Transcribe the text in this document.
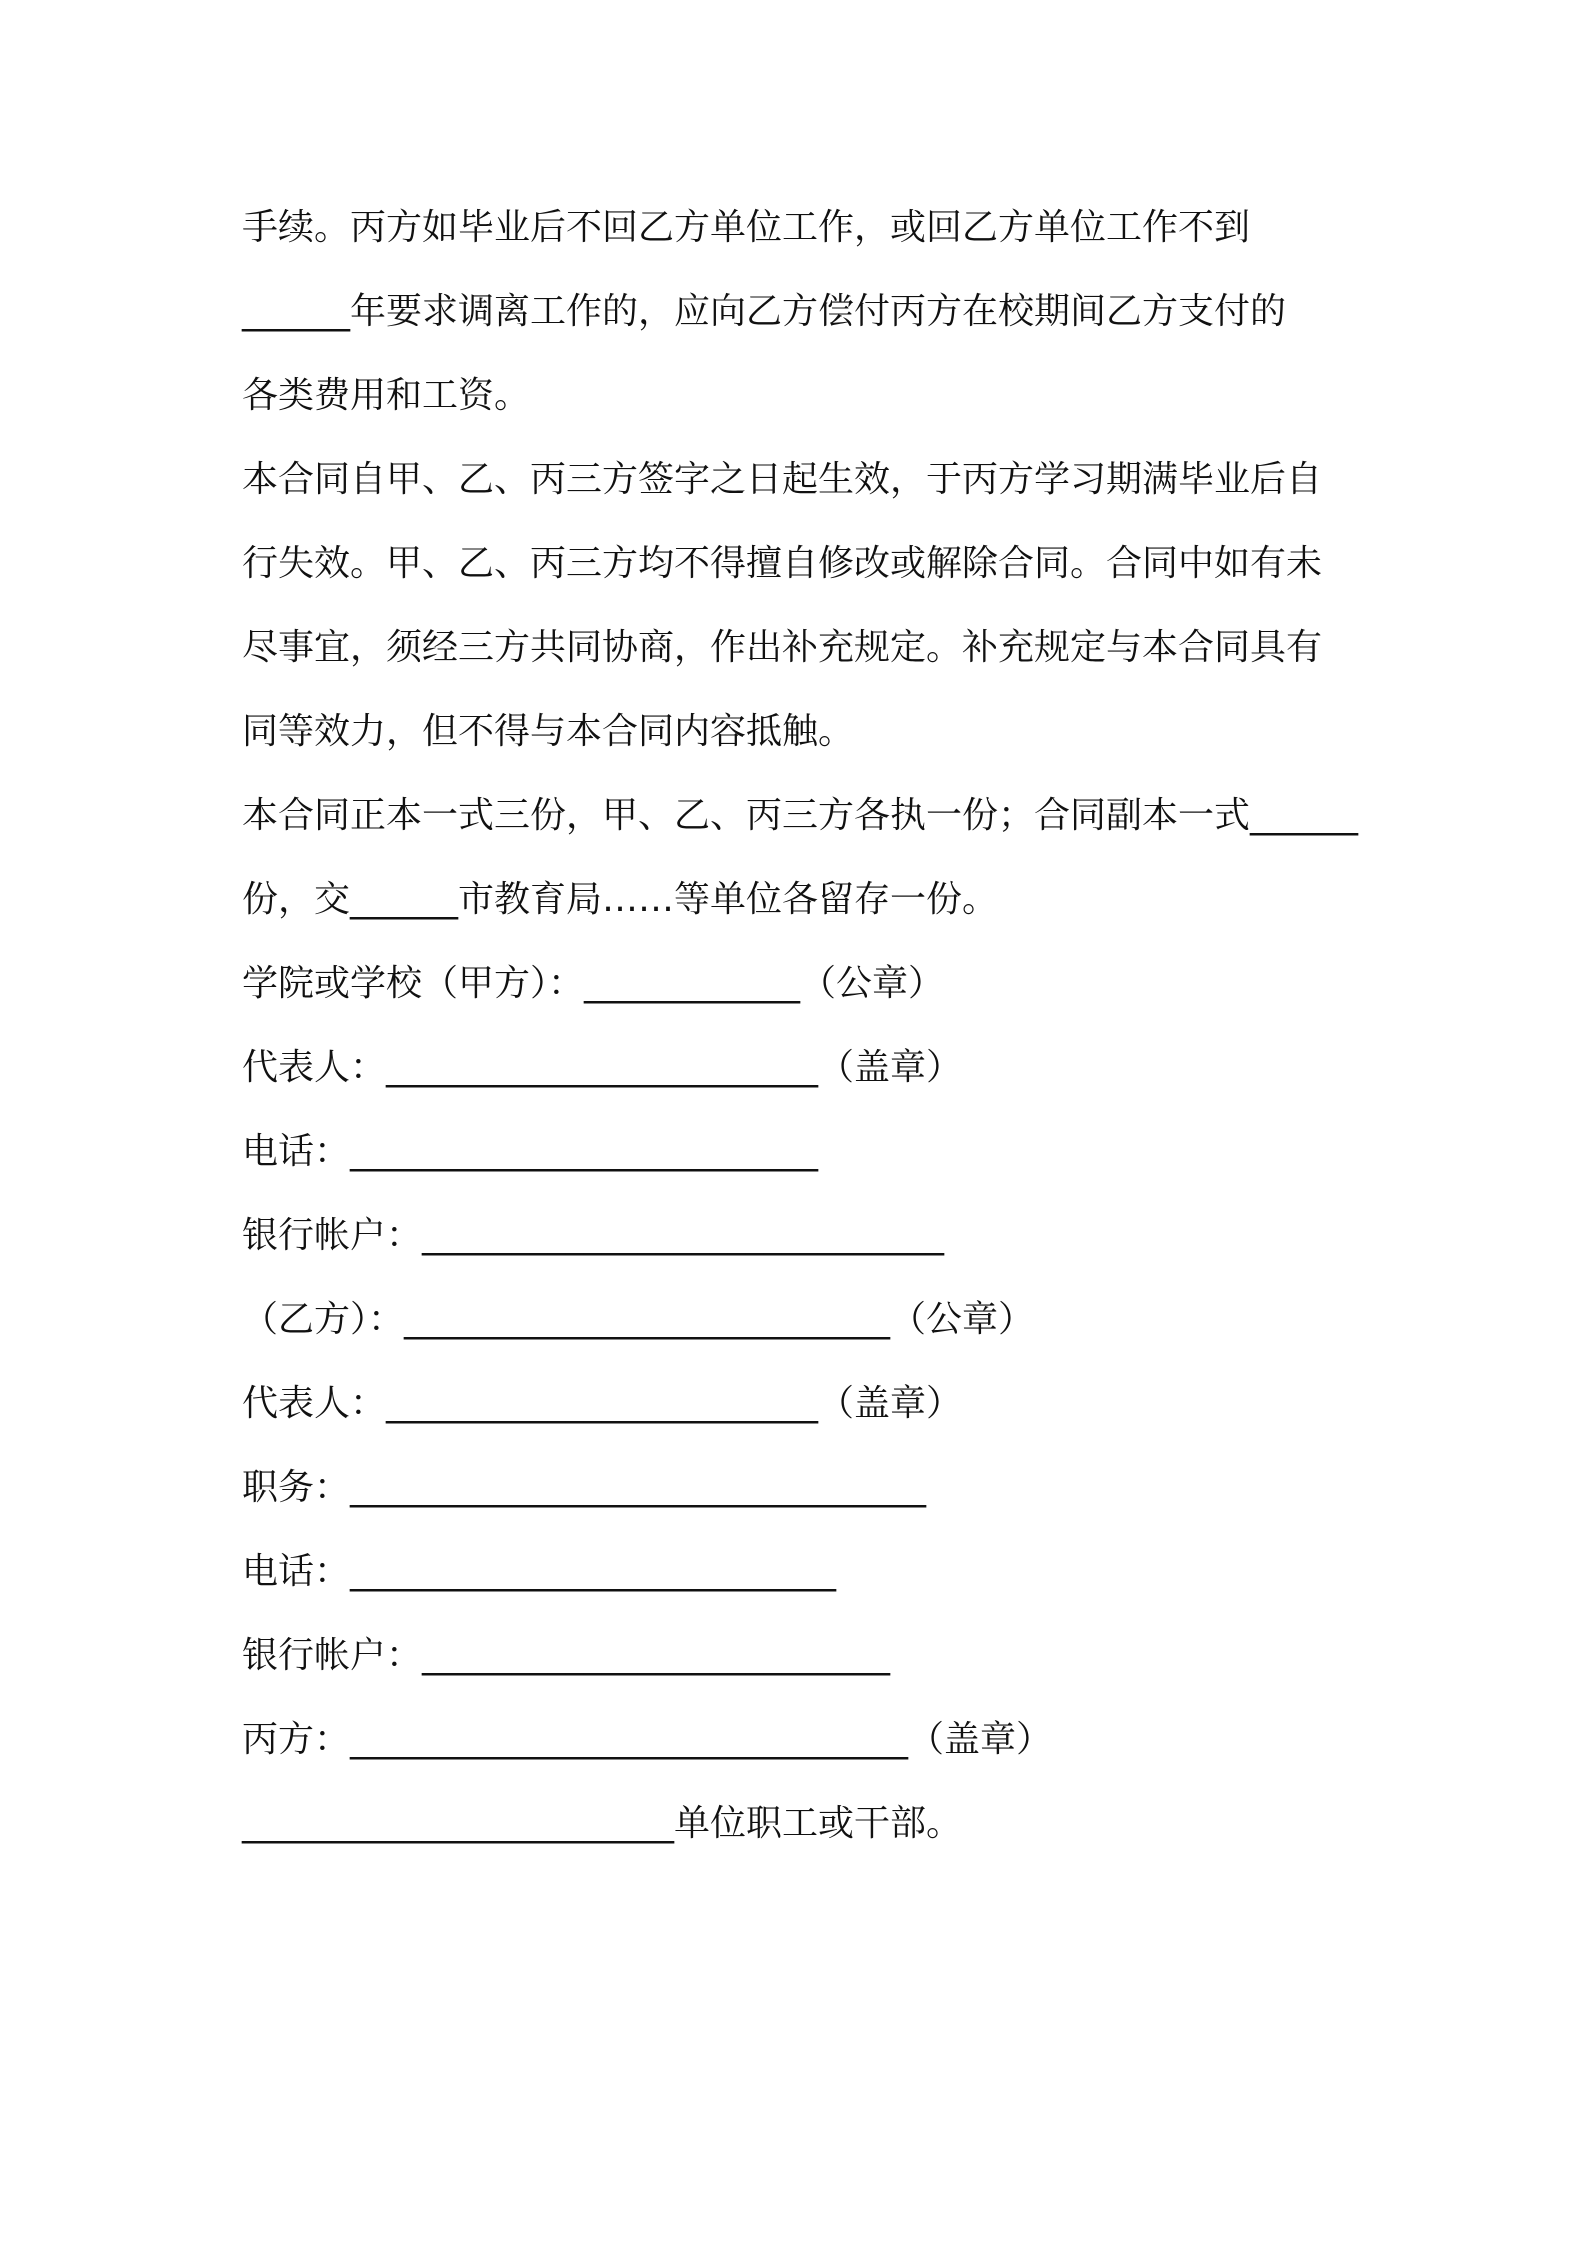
手续。丙方如毕业后不回乙方单位工作，或回乙方单位工作不到
______年要求调离工作的，应向乙方偿付丙方在校期间乙方支付的
各类费用和工资。
本合同自甲、乙、丙三方签字之日起生效，于丙方学习期满毕业后自
行失效。甲、乙、丙三方均不得擅自修改或解除合同。合同中如有未
尽事宜，须经三方共同协商，作出补充规定。补充规定与本合同具有
同等效力，但不得与本合同内容抵触。
本合同正本一式三份，甲、乙、丙三方各执一份；合同副本一式______
份，交______市教育局……等单位各留存一份。
学院或学校（甲方）：____________（公章）
代表人：________________________（盖章）
电话：__________________________
银行帐户：_____________________________
（乙方）：___________________________（公章）
代表人：________________________（盖章）
职务：________________________________
电话：___________________________
银行帐户：__________________________
丙方：_______________________________（盖章）
________________________单位职工或干部。
